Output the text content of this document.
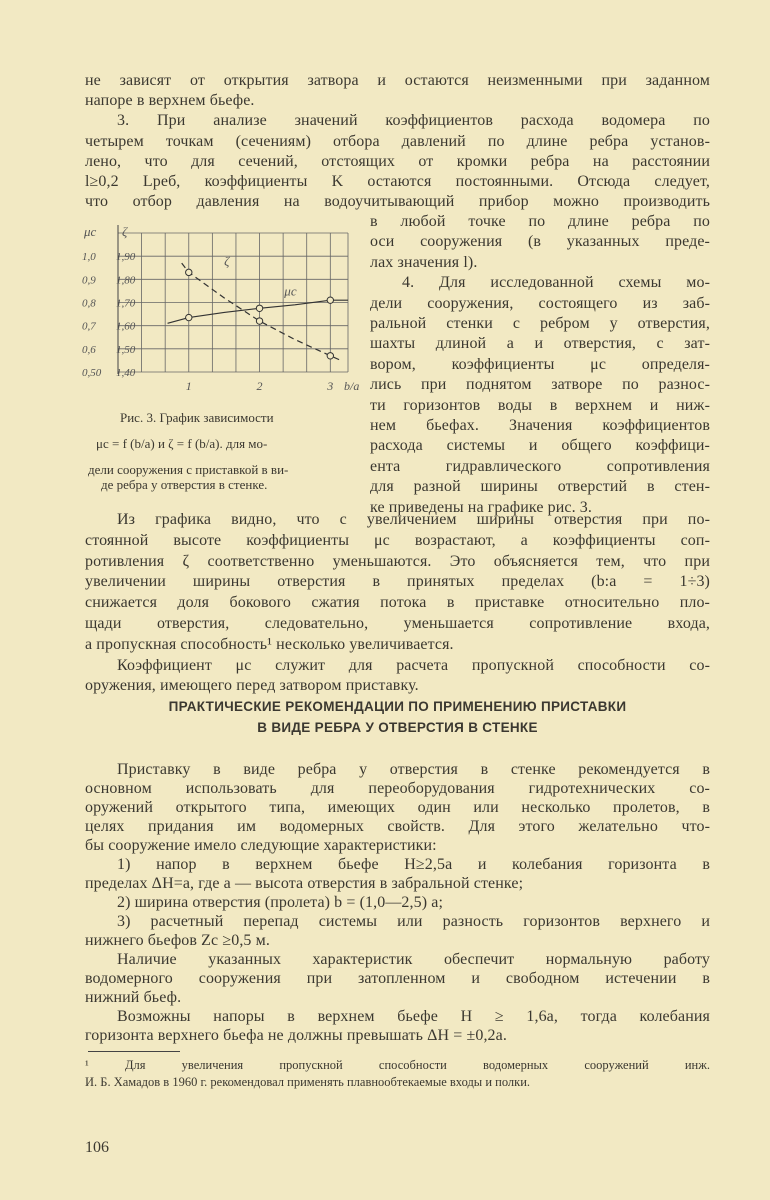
не зависят от открытия затвора и остаются неизменными при заданном
напоре в верхнем бьефе.
3. При анализе значений коэффициентов расхода водомера по
четырем точкам (сечениям) отбора давлений по длине ребра установ-
лено, что для сечений, отстоящих от кромки ребра на расстоянии
l≥0,2 Lреб, коэффициенты K остаются постоянными. Отсюда следует,
что отбор давления на водоучитывающий прибор можно производить
в любой точке по длине ребра по
оси сооружения (в указанных преде-
лах значения l).
4. Для исследованной схемы мо-
дели сооружения, состоящего из заб-
ральной стенки с ребром у отверстия,
шахты длиной a и отверстия, с зат-
вором, коэффициенты μс определя-
лись при поднятом затворе по разнос-
ти горизонтов воды в верхнем и ниж-
нем бьефах. Значения коэффициентов
расхода системы и общего коэффици-
ента гидравлического сопротивления
для разной ширины отверстий в стен-
ке приведены на графике рис. 3.
Из графика видно, что с увеличением ширины отверстия при по-
стоянной высоте коэффициенты μс возрастают, а коэффициенты соп-
ротивления ζ соответственно уменьшаются. Это объясняется тем, что при
увеличении ширины отверстия в принятых пределах (b:a = 1÷3)
снижается доля бокового сжатия потока в приставке относительно пло-
щади отверстия, следовательно, уменьшается сопротивление входа,
а пропускная способность¹ несколько увеличивается.
Коэффициент μс служит для расчета пропускной способности со-
оружения, имеющего перед затвором приставку.
Приставку в виде ребра у отверстия в стенке рекомендуется в
основном использовать для переоборудования гидротехнических со-
оружений открытого типа, имеющих один или несколько пролетов, в
целях придания им водомерных свойств. Для этого желательно что-
бы сооружение имело следующие характеристики:
1) напор в верхнем бьефе H≥2,5a и колебания горизонта в
пределах ΔH=a, где a — высота отверстия в забральной стенке;
2) ширина отверстия (пролета) b = (1,0—2,5) a;
3) расчетный перепад системы или разность горизонтов верхнего и
нижнего бьефов Zс ≥0,5 м.
Наличие указанных характеристик обеспечит нормальную работу
водомерного сооружения при затопленном и свободном истечении в
нижний бьеф.
Возможны напоры в верхнем бьефе H ≥ 1,6a, тогда колебания
горизонта верхнего бьефа не должны превышать ΔH = ±0,2a.
1,0
0,9
0,8
0,7
0,6
0,50
1,90
1,80
1,70
1,60
1,50
1,40
μс ζ
1	2	3 b/a
ζ
μс
Рис. 3. График зависимости
μс = f (b/a) и ζ = f (b/a). для мо-
дели сооружения с приставкой в ви-
де ребра у отверстия в стенке.
ПРАКТИЧЕСКИЕ РЕКОМЕНДАЦИИ ПО ПРИМЕНЕНИЮ ПРИСТАВКИ
В ВИДЕ РЕБРА У ОТВЕРСТИЯ В СТЕНКЕ
¹ Для увеличения пропускной способности водомерных сооружений инж.
И. Б. Хамадов в 1960 г. рекомендовал применять плавнообтекаемые входы и полки.
106
